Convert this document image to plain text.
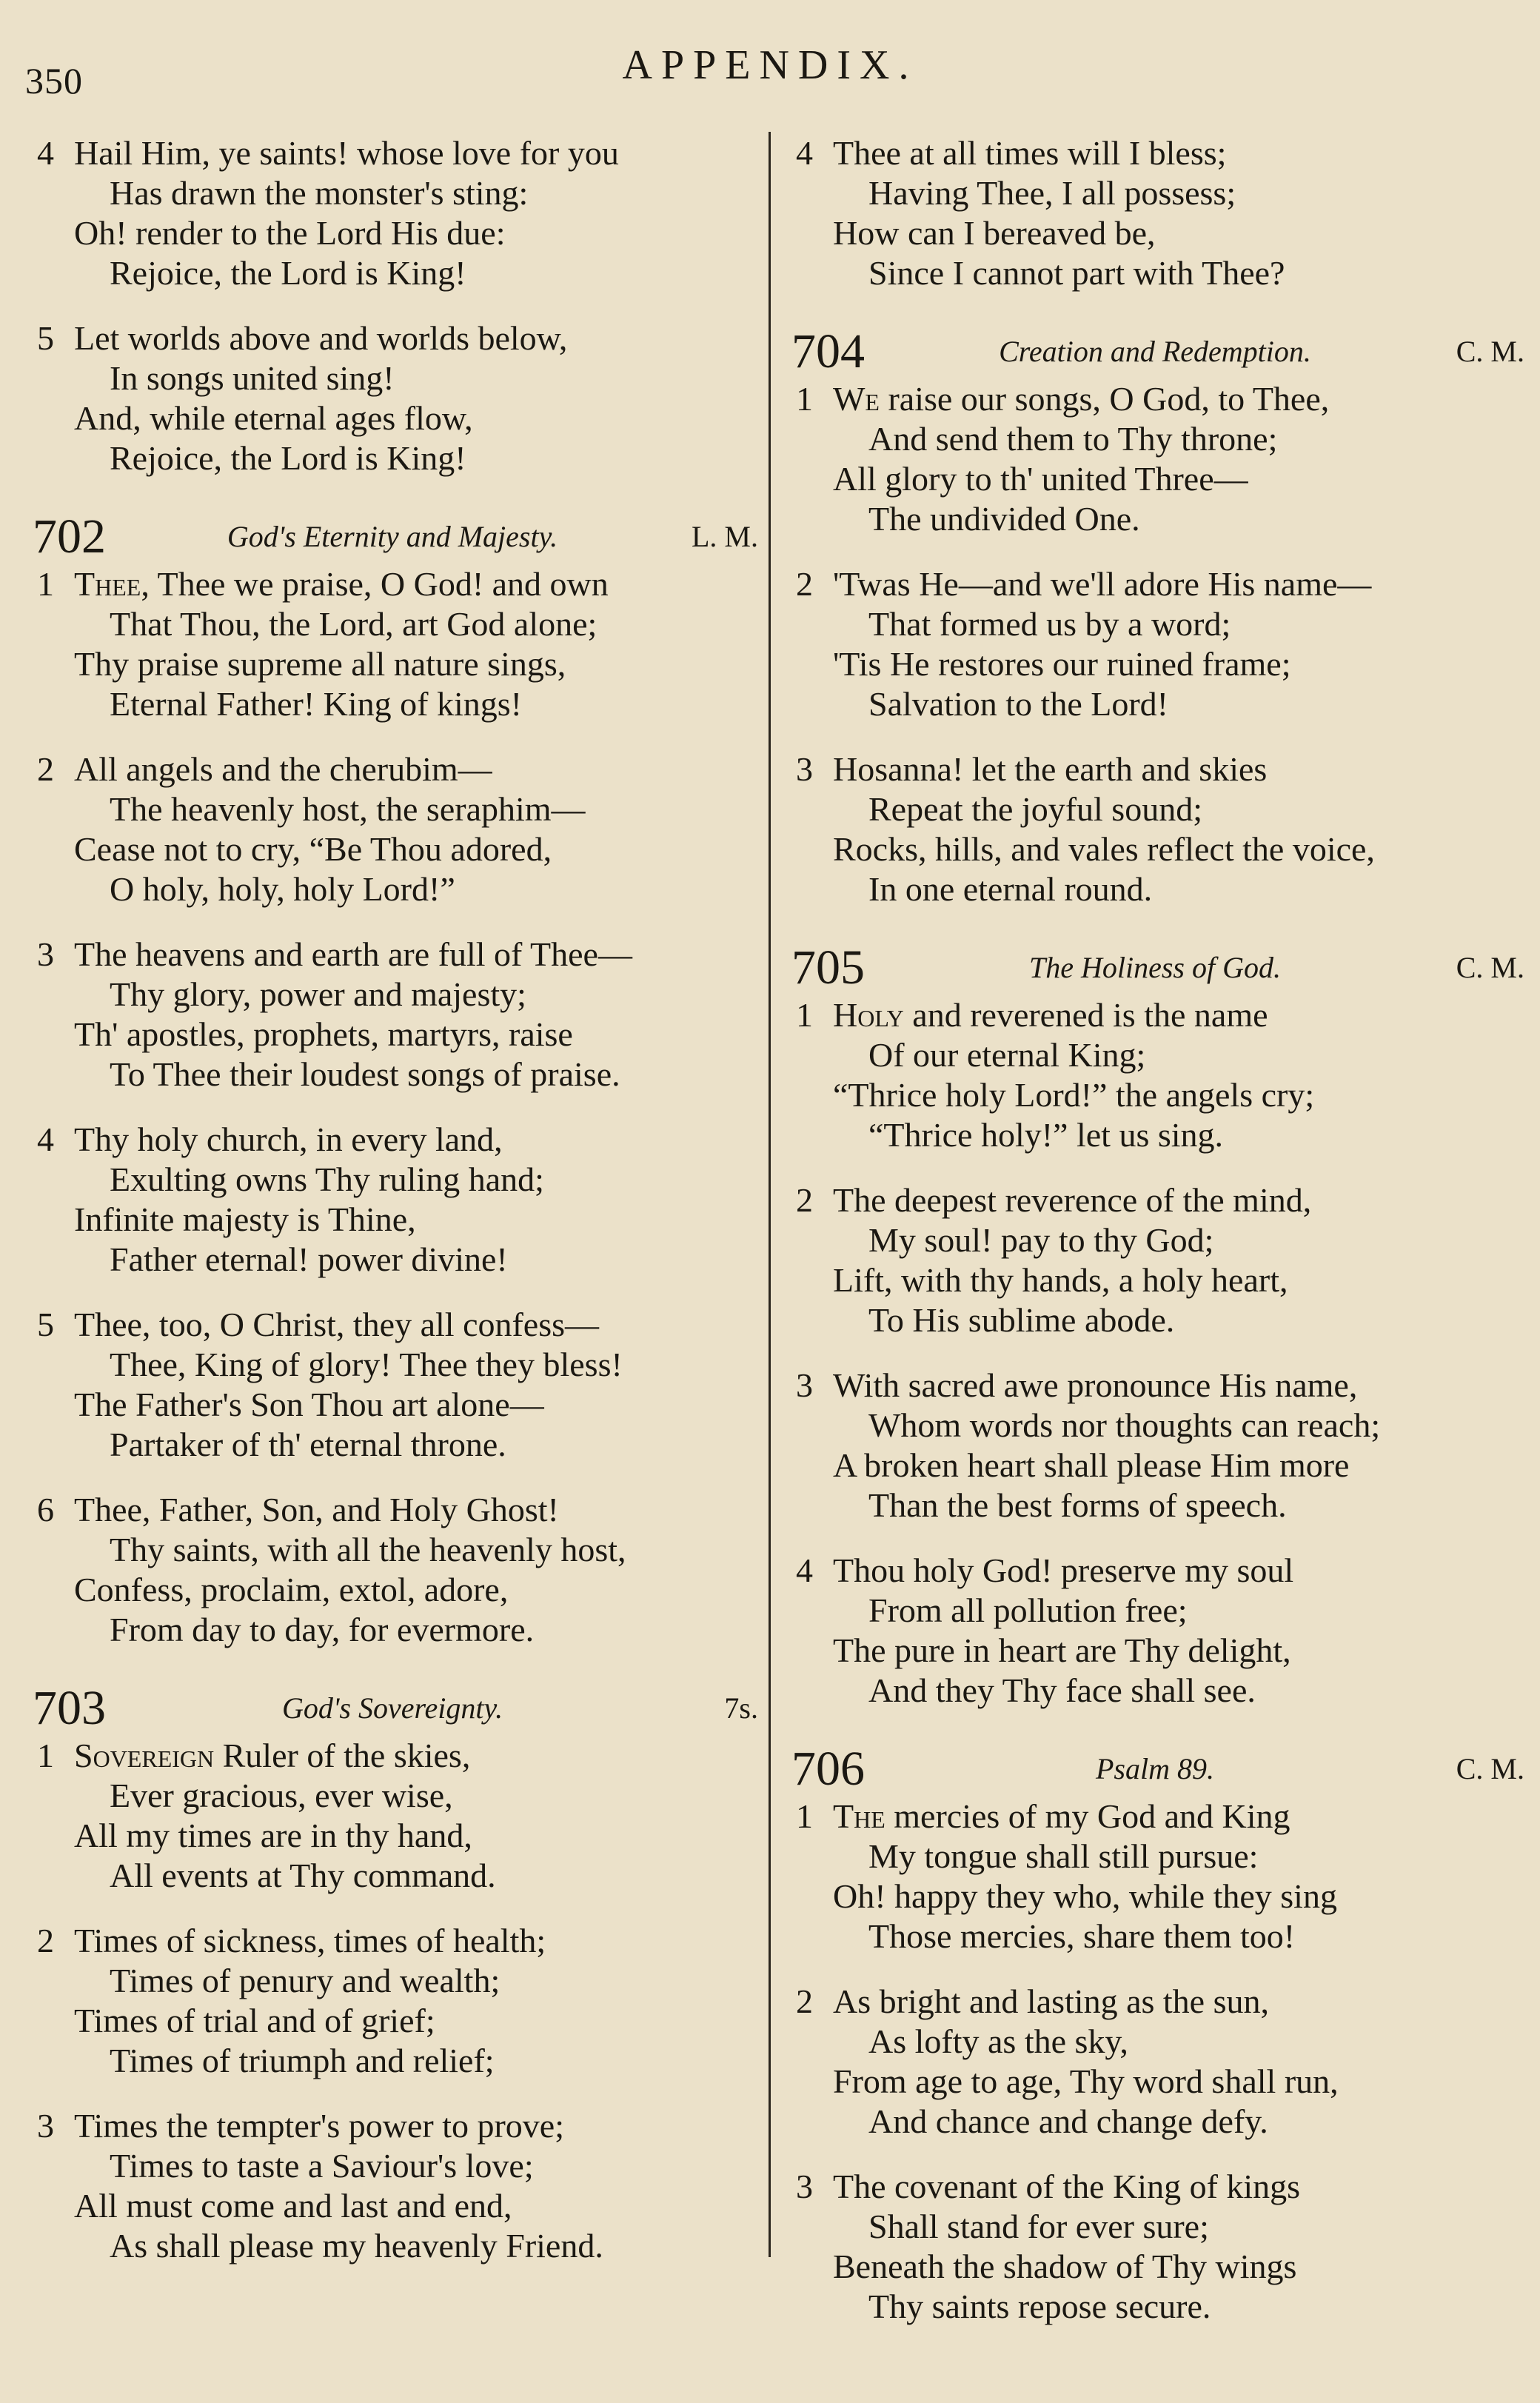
350	APPENDIX.
4 Hail Him, ye saints! whose love for you
Has drawn the monster's sting:
Oh! render to the Lord His due:
Rejoice, the Lord is King!
5 Let worlds above and worlds below,
In songs united sing!
And, while eternal ages flow,
Rejoice, the Lord is King!
702	God's Eternity and Majesty.	L. M.
1 Thee, Thee we praise, O God! and own
That Thou, the Lord, art God alone;
Thy praise supreme all nature sings,
Eternal Father! King of kings!
2 All angels and the cherubim—
The heavenly host, the seraphim—
Cease not to cry, “Be Thou adored,
O holy, holy, holy Lord!”
3 The heavens and earth are full of Thee—
Thy glory, power and majesty;
Th' apostles, prophets, martyrs, raise
To Thee their loudest songs of praise.
4 Thy holy church, in every land,
Exulting owns Thy ruling hand;
Infinite majesty is Thine,
Father eternal! power divine!
5 Thee, too, O Christ, they all confess—
Thee, King of glory! Thee they bless!
The Father's Son Thou art alone—
Partaker of th' eternal throne.
6 Thee, Father, Son, and Holy Ghost!
Thy saints, with all the heavenly host,
Confess, proclaim, extol, adore,
From day to day, for evermore.
703	God's Sovereignty.	7s.
1 Sovereign Ruler of the skies,
Ever gracious, ever wise,
All my times are in thy hand,
All events at Thy command.
2 Times of sickness, times of health;
Times of penury and wealth;
Times of trial and of grief;
Times of triumph and relief;
3 Times the tempter's power to prove;
Times to taste a Saviour's love;
All must come and last and end,
As shall please my heavenly Friend.
4 Thee at all times will I bless;
Having Thee, I all possess;
How can I bereaved be,
Since I cannot part with Thee?
704	Creation and Redemption.	C. M.
1 We raise our songs, O God, to Thee,
And send them to Thy throne;
All glory to th' united Three—
The undivided One.
2 'Twas He—and we'll adore His name—
That formed us by a word;
'Tis He restores our ruined frame;
Salvation to the Lord!
3 Hosanna! let the earth and skies
Repeat the joyful sound;
Rocks, hills, and vales reflect the voice,
In one eternal round.
705	The Holiness of God.	C. M.
1 Holy and reverened is the name
Of our eternal King;
“Thrice holy Lord!” the angels cry;
“Thrice holy!” let us sing.
2 The deepest reverence of the mind,
My soul! pay to thy God;
Lift, with thy hands, a holy heart,
To His sublime abode.
3 With sacred awe pronounce His name,
Whom words nor thoughts can reach;
A broken heart shall please Him more
Than the best forms of speech.
4 Thou holy God! preserve my soul
From all pollution free;
The pure in heart are Thy delight,
And they Thy face shall see.
706	Psalm 89.	C. M.
1 The mercies of my God and King
My tongue shall still pursue:
Oh! happy they who, while they sing
Those mercies, share them too!
2 As bright and lasting as the sun,
As lofty as the sky,
From age to age, Thy word shall run,
And chance and change defy.
3 The covenant of the King of kings
Shall stand for ever sure;
Beneath the shadow of Thy wings
Thy saints repose secure.
